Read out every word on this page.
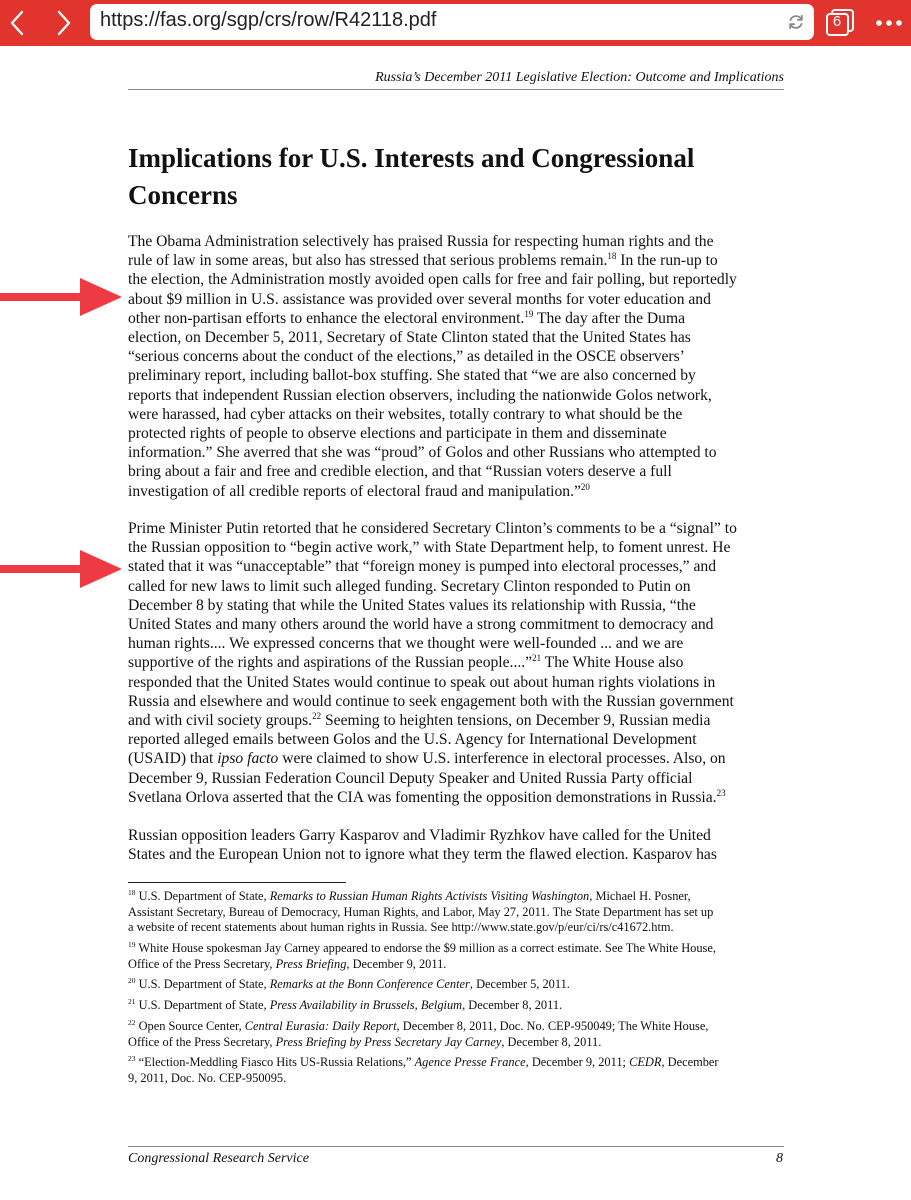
https://fas.org/sgp/crs/row/R42118.pdf	6
Russia’s December 2011 Legislative Election: Outcome and Implications
Implications for U.S. Interests and Congressional
Concerns

The Obama Administration selectively has praised Russia for respecting human rights and the
rule of law in some areas, but also has stressed that serious problems remain.$^{18}$ In the run-up to
the election, the Administration mostly avoided open calls for free and fair polling, but reportedly
about $9 million in U.S. assistance was provided over several months for voter education and
other non-partisan efforts to enhance the electoral environment.$^{19}$ The day after the Duma
election, on December 5, 2011, Secretary of State Clinton stated that the United States has
“serious concerns about the conduct of the elections,” as detailed in the OSCE observers’
preliminary report, including ballot-box stuffing. She stated that “we are also concerned by
reports that independent Russian election observers, including the nationwide Golos network,
were harassed, had cyber attacks on their websites, totally contrary to what should be the
protected rights of people to observe elections and participate in them and disseminate
information.” She averred that she was “proud” of Golos and other Russians who attempted to
bring about a fair and free and credible election, and that “Russian voters deserve a full
investigation of all credible reports of electoral fraud and manipulation.”$^{20}$

Prime Minister Putin retorted that he considered Secretary Clinton’s comments to be a “signal” to
the Russian opposition to “begin active work,” with State Department help, to foment unrest. He
stated that it was “unacceptable” that “foreign money is pumped into electoral processes,” and
called for new laws to limit such alleged funding. Secretary Clinton responded to Putin on
December 8 by stating that while the United States values its relationship with Russia, “the
United States and many others around the world have a strong commitment to democracy and
human rights.... We expressed concerns that we thought were well-founded ... and we are
supportive of the rights and aspirations of the Russian people....”$^{21}$ The White House also
responded that the United States would continue to speak out about human rights violations in
Russia and elsewhere and would continue to seek engagement both with the Russian government
and with civil society groups.$^{22}$ Seeming to heighten tensions, on December 9, Russian media
reported alleged emails between Golos and the U.S. Agency for International Development
(USAID) that ipso facto were claimed to show U.S. interference in electoral processes. Also, on
December 9, Russian Federation Council Deputy Speaker and United Russia Party official
Svetlana Orlova asserted that the CIA was fomenting the opposition demonstrations in Russia.$^{23}$

Russian opposition leaders Garry Kasparov and Vladimir Ryzhkov have called for the United
States and the European Union not to ignore what they term the flawed election. Kasparov has

$^{18}$ U.S. Department of State, Remarks to Russian Human Rights Activists Visiting Washington, Michael H. Posner,
Assistant Secretary, Bureau of Democracy, Human Rights, and Labor, May 27, 2011. The State Department has set up
a website of recent statements about human rights in Russia. See http://www.state.gov/p/eur/ci/rs/c41672.htm.

$^{19}$ White House spokesman Jay Carney appeared to endorse the $9 million as a correct estimate. See The White House,
Office of the Press Secretary, Press Briefing, December 9, 2011.

$^{20}$ U.S. Department of State, Remarks at the Bonn Conference Center, December 5, 2011.

$^{21}$ U.S. Department of State, Press Availability in Brussels, Belgium, December 8, 2011.

$^{22}$ Open Source Center, Central Eurasia: Daily Report, December 8, 2011, Doc. No. CEP-950049; The White House,
Office of the Press Secretary, Press Briefing by Press Secretary Jay Carney, December 8, 2011.

$^{23}$ “Election-Meddling Fiasco Hits US-Russia Relations,” Agence Presse France, December 9, 2011; CEDR, December
9, 2011, Doc. No. CEP-950095.

Congressional Research Service	8
